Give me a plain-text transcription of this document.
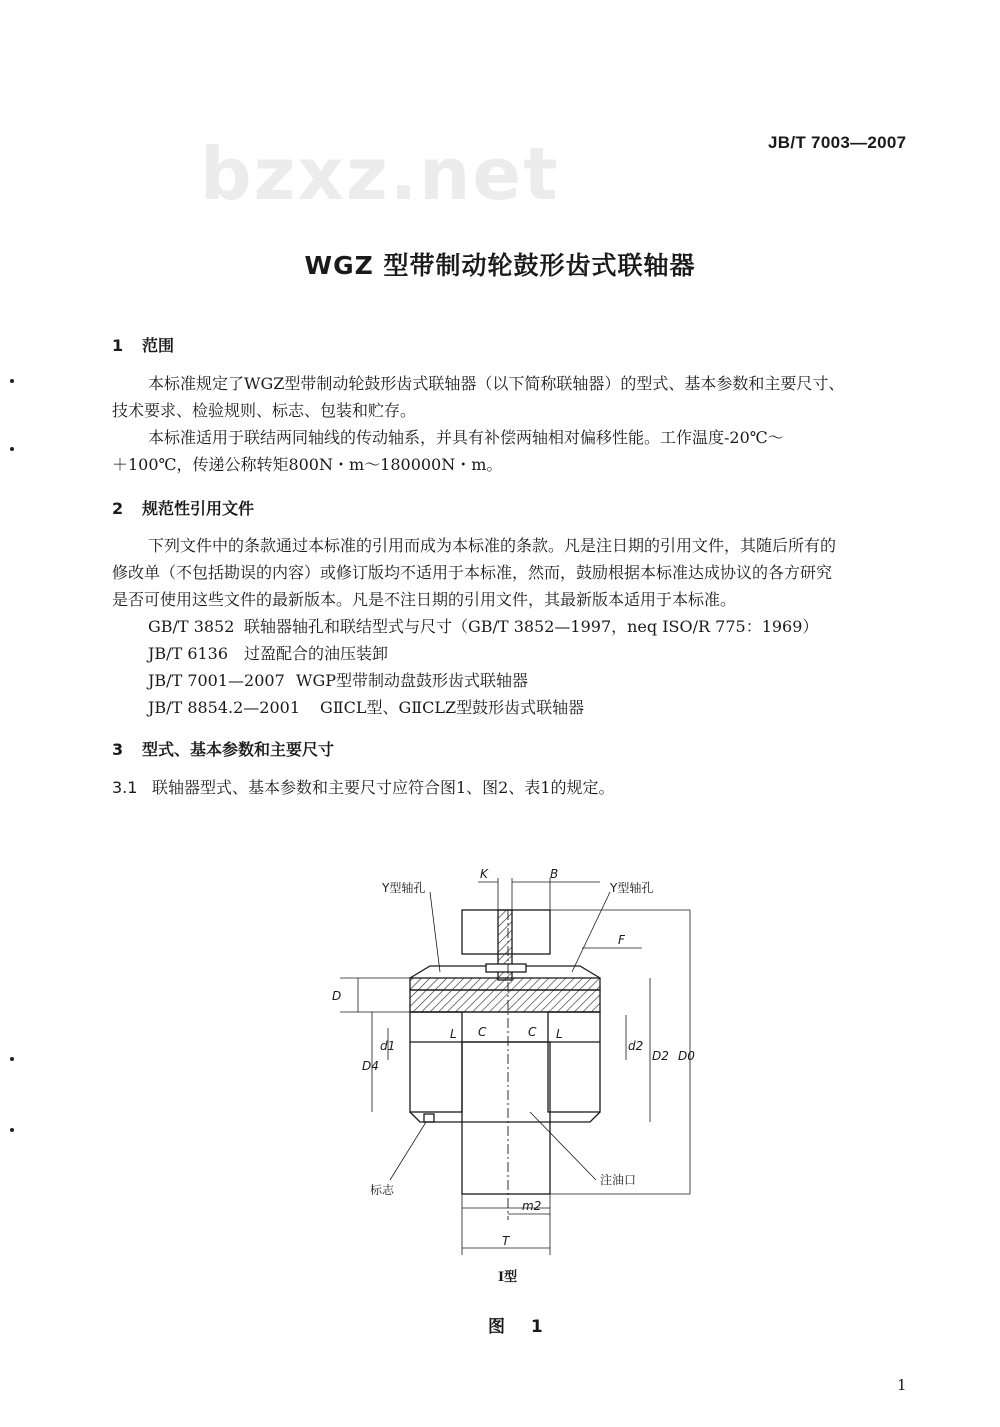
bzxz.net	JB/T 7003—2007
WGZ 型带制动轮鼓形齿式联轴器
1 范围
本标准规定了WGZ型带制动轮鼓形齿式联轴器（以下简称联轴器）的型式、基本参数和主要尺寸、
技术要求、检验规则、标志、包装和贮存。
本标准适用于联结两同轴线的传动轴系，并具有补偿两轴相对偏移性能。工作温度-20℃～
＋100℃，传递公称转矩800N・m～180000N・m。
2 规范性引用文件
下列文件中的条款通过本标准的引用而成为本标准的条款。凡是注日期的引用文件，其随后所有的
修改单（不包括勘误的内容）或修订版均不适用于本标准，然而，鼓励根据本标准达成协议的各方研究
是否可使用这些文件的最新版本。凡是不注日期的引用文件，其最新版本适用于本标准。
GB/T 3852 联轴器轴孔和联结型式与尺寸（GB/T 3852—1997，neq ISO/R 775：1969）
JB/T 6136 过盈配合的油压装卸
JB/T 7001—2007 WGP型带制动盘鼓形齿式联轴器
JB/T 8854.2—2001 GⅡCL型、GⅡCLZ型鼓形齿式联轴器
3 型式、基本参数和主要尺寸
3.1 联轴器型式、基本参数和主要尺寸应符合图1、图2、表1的规定。
Y型轴孔	Y型轴孔
K	B
F
D
D4
d1
L C	C L
d2
D2 D0
标志
注油口
m2
T
I型
图 1
1
